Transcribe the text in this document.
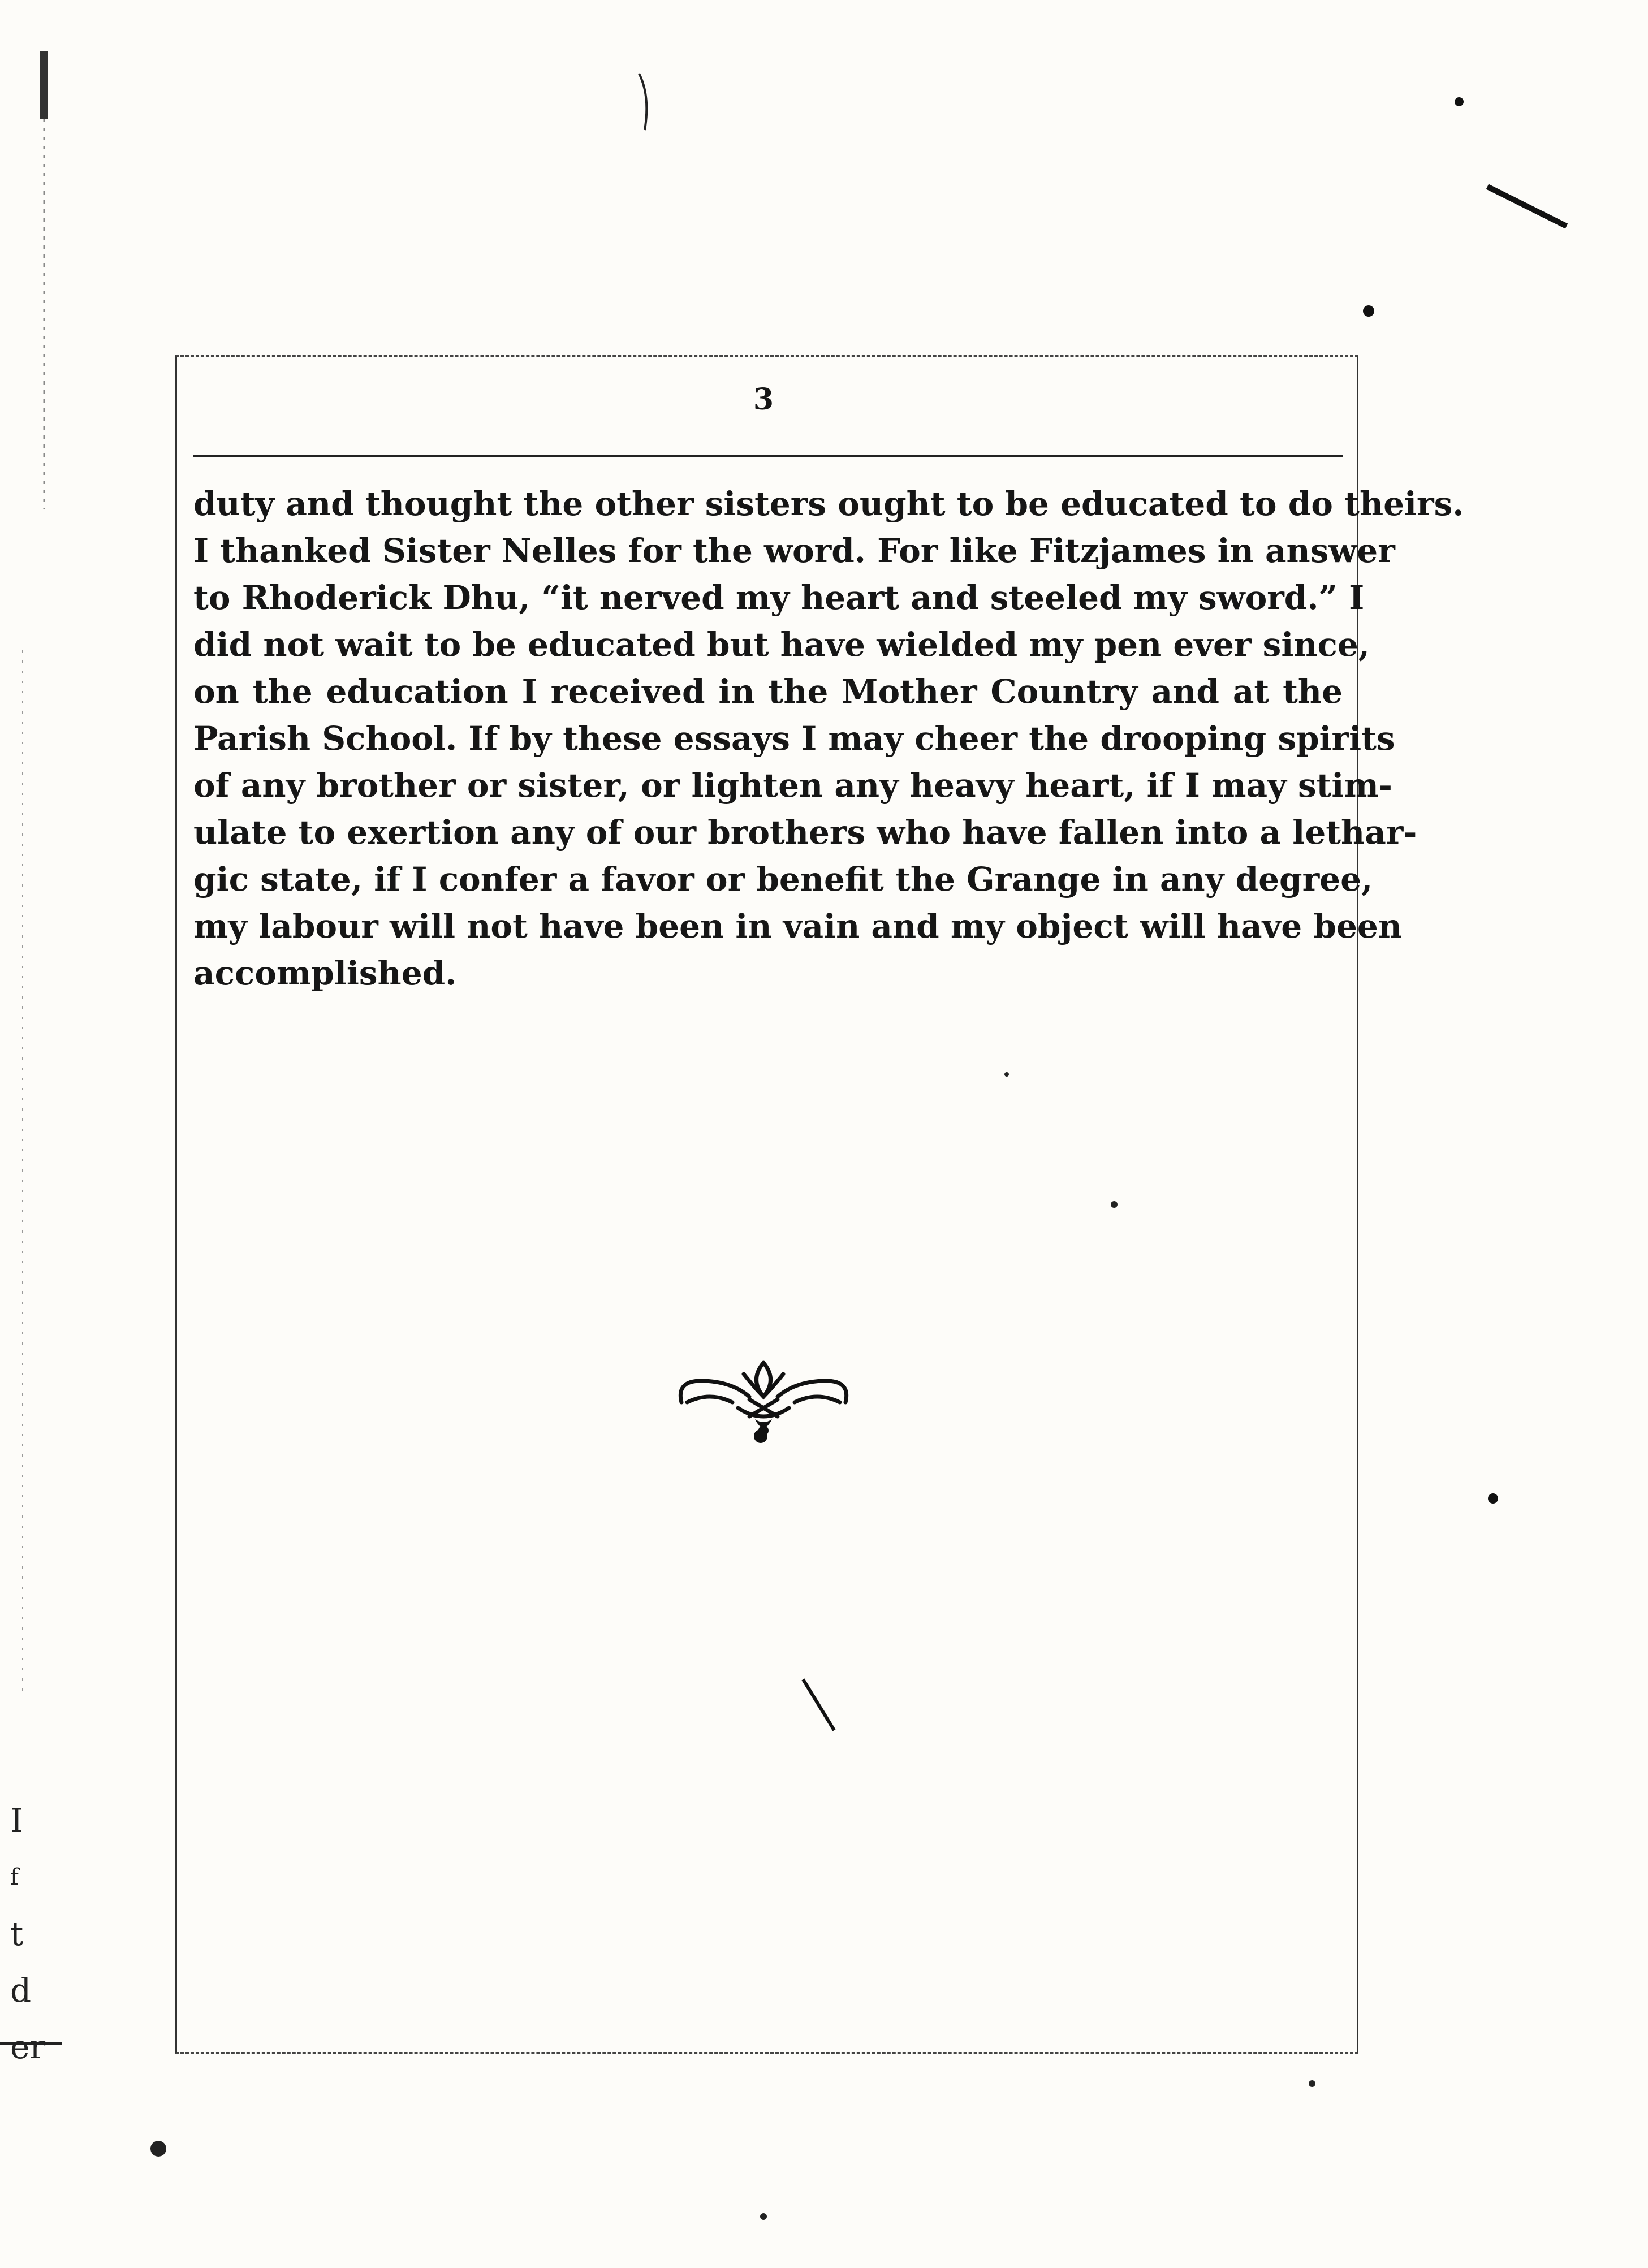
3
duty and thought the other sisters ought to be educated to do theirs.
I thanked Sister Nelles for the word. For like Fitzjames in answer
to Rhoderick Dhu, “it nerved my heart and steeled my sword.” I
did not wait to be educated but have wielded my pen ever since,
on the education I received in the Mother Country and at the
Parish School. If by these essays I may cheer the drooping spirits
of any brother or sister, or lighten any heavy heart, if I may stim-
ulate to exertion any of our brothers who have fallen into a lethar-
gic state, if I confer a favor or benefit the Grange in any degree,
my labour will not have been in vain and my object will have been
accomplished.
I
f
t
d
er
